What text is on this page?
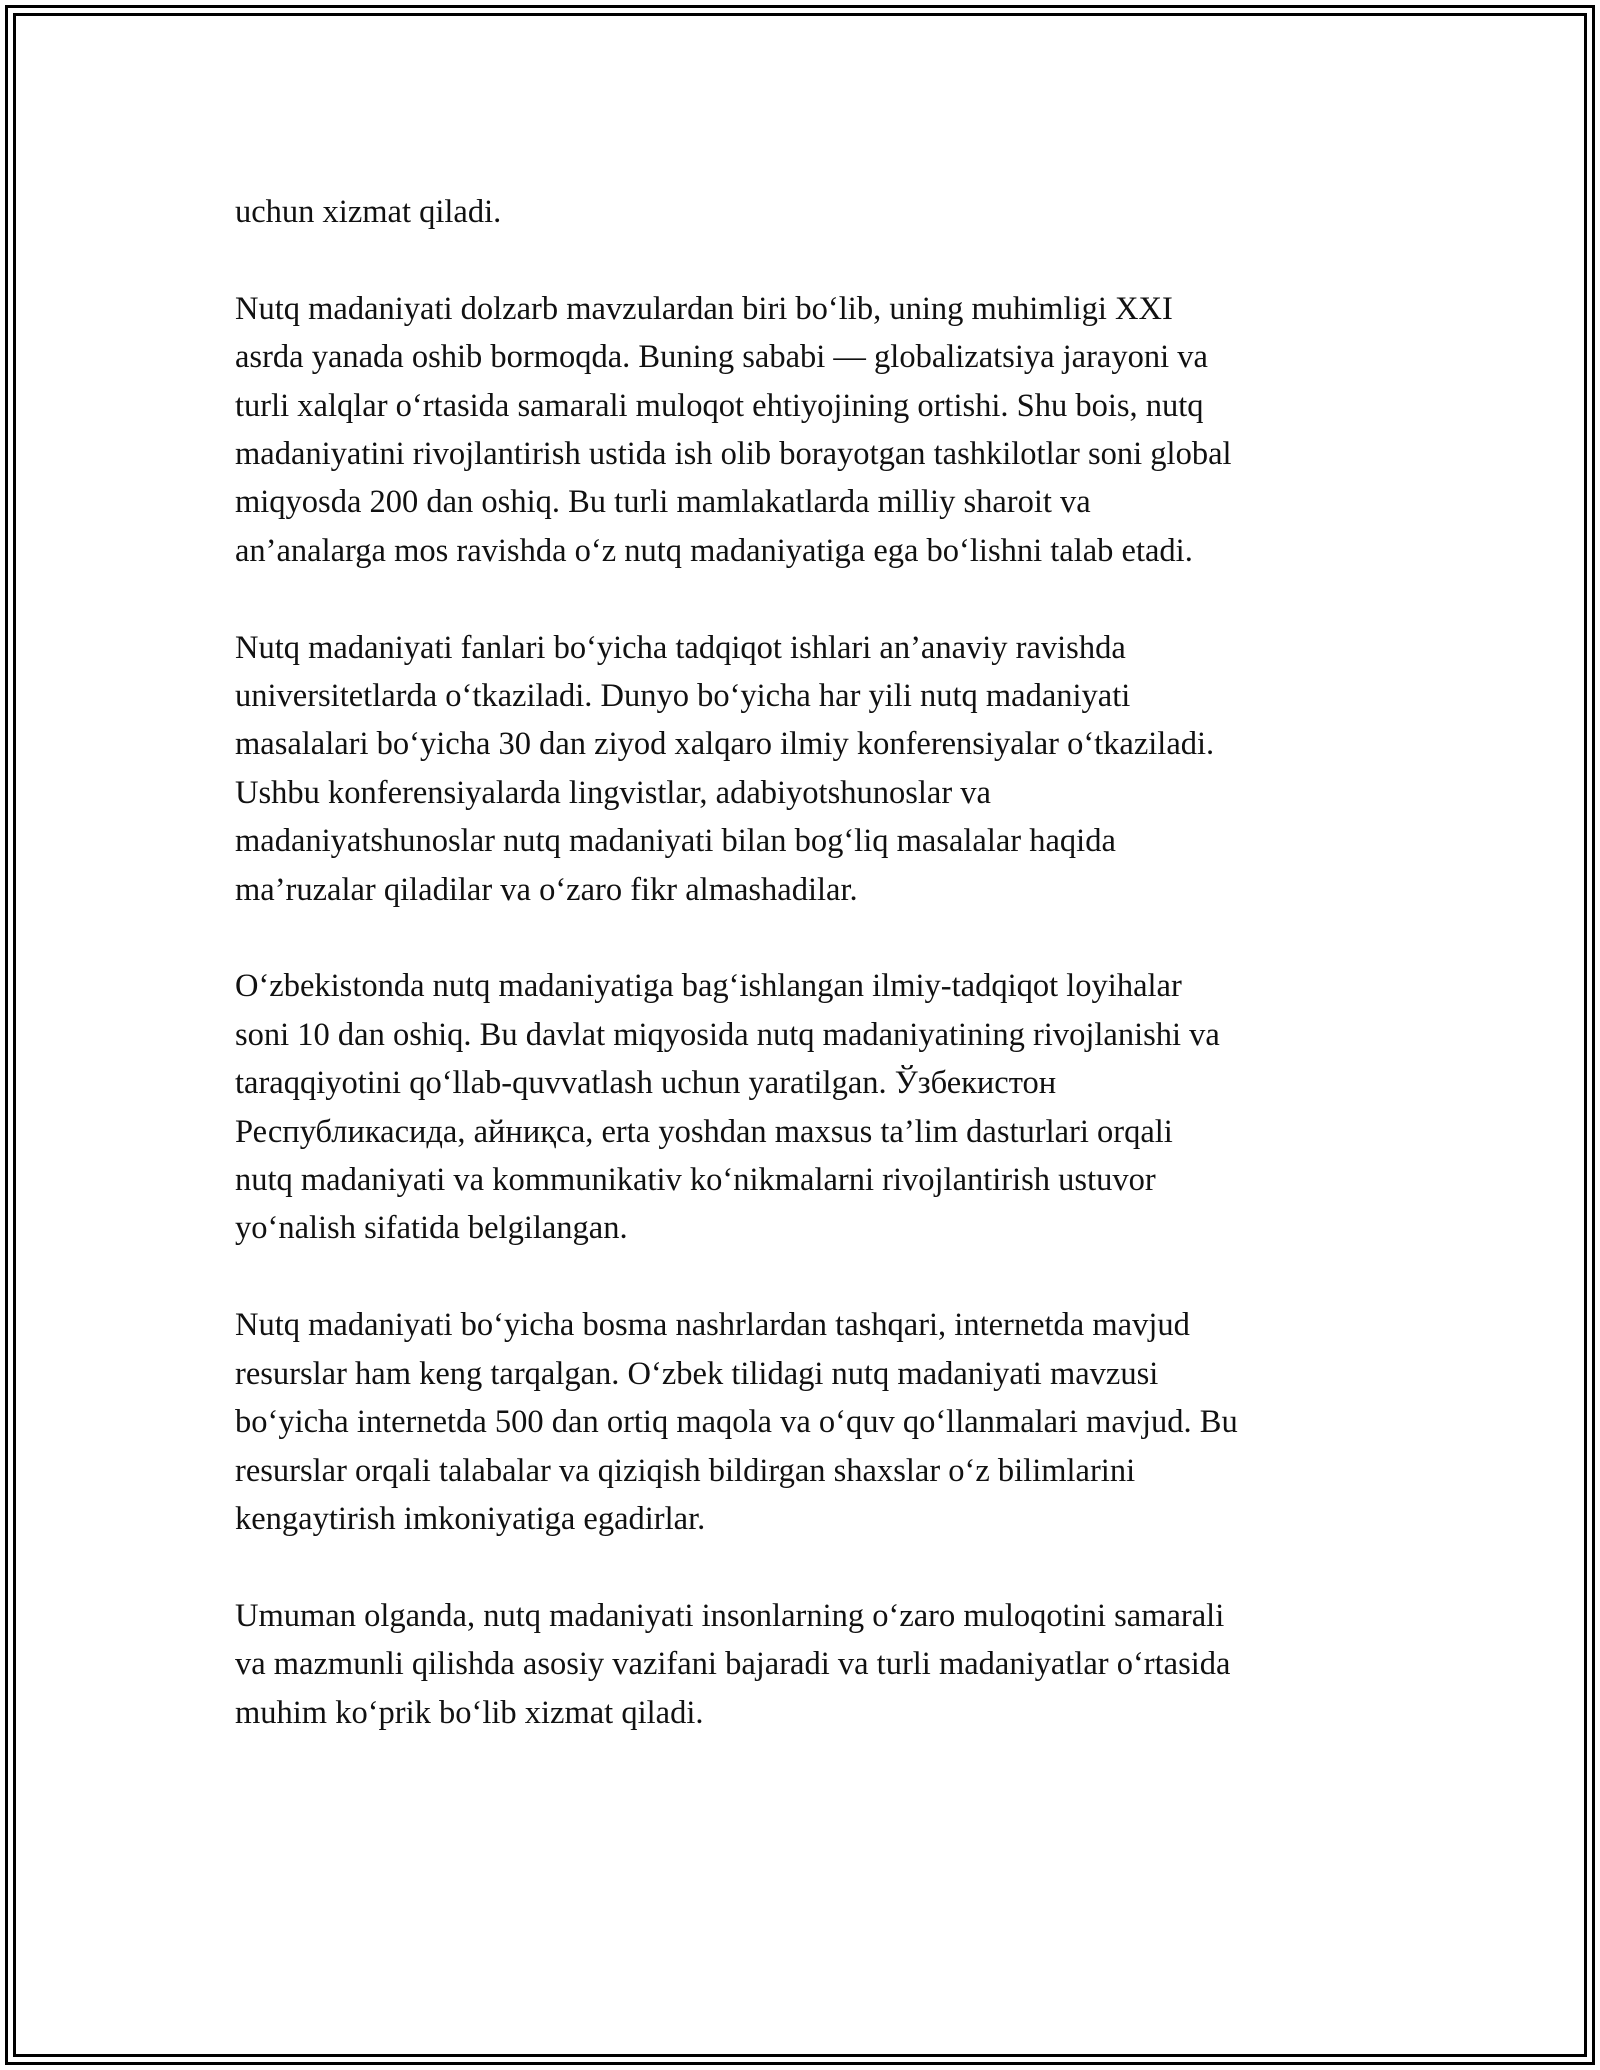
uchun xizmat qiladi.

Nutq madaniyati dolzarb mavzulardan biri boʻlib, uning muhimligi XXI
asrda yanada oshib bormoqda. Buning sababi — globalizatsiya jarayoni va
turli xalqlar oʻrtasida samarali muloqot ehtiyojining ortishi. Shu bois, nutq
madaniyatini rivojlantirish ustida ish olib borayotgan tashkilotlar soni global
miqyosda 200 dan oshiq. Bu turli mamlakatlarda milliy sharoit va
an’analarga mos ravishda oʻz nutq madaniyatiga ega boʻlishni talab etadi.

Nutq madaniyati fanlari boʻyicha tadqiqot ishlari an’anaviy ravishda
universitetlarda oʻtkaziladi. Dunyo boʻyicha har yili nutq madaniyati
masalalari boʻyicha 30 dan ziyod xalqaro ilmiy konferensiyalar oʻtkaziladi.
Ushbu konferensiyalarda lingvistlar, adabiyotshunoslar va
madaniyatshunoslar nutq madaniyati bilan bogʻliq masalalar haqida
ma’ruzalar qiladilar va oʻzaro fikr almashadilar.

Oʻzbekistonda nutq madaniyatiga bagʻishlangan ilmiy-tadqiqot loyihalar
soni 10 dan oshiq. Bu davlat miqyosida nutq madaniyatining rivojlanishi va
taraqqiyotini qoʻllab-quvvatlash uchun yaratilgan. Ўзбекистон
Республикасида, айниқса, erta yoshdan maxsus ta’lim dasturlari orqali
nutq madaniyati va kommunikativ koʻnikmalarni rivojlantirish ustuvor
yoʻnalish sifatida belgilangan.

Nutq madaniyati boʻyicha bosma nashrlardan tashqari, internetda mavjud
resurslar ham keng tarqalgan. Oʻzbek tilidagi nutq madaniyati mavzusi
boʻyicha internetda 500 dan ortiq maqola va oʻquv qoʻllanmalari mavjud. Bu
resurslar orqali talabalar va qiziqish bildirgan shaxslar oʻz bilimlarini
kengaytirish imkoniyatiga egadirlar.

Umuman olganda, nutq madaniyati insonlarning oʻzaro muloqotini samarali
va mazmunli qilishda asosiy vazifani bajaradi va turli madaniyatlar oʻrtasida
muhim koʻprik boʻlib xizmat qiladi.
